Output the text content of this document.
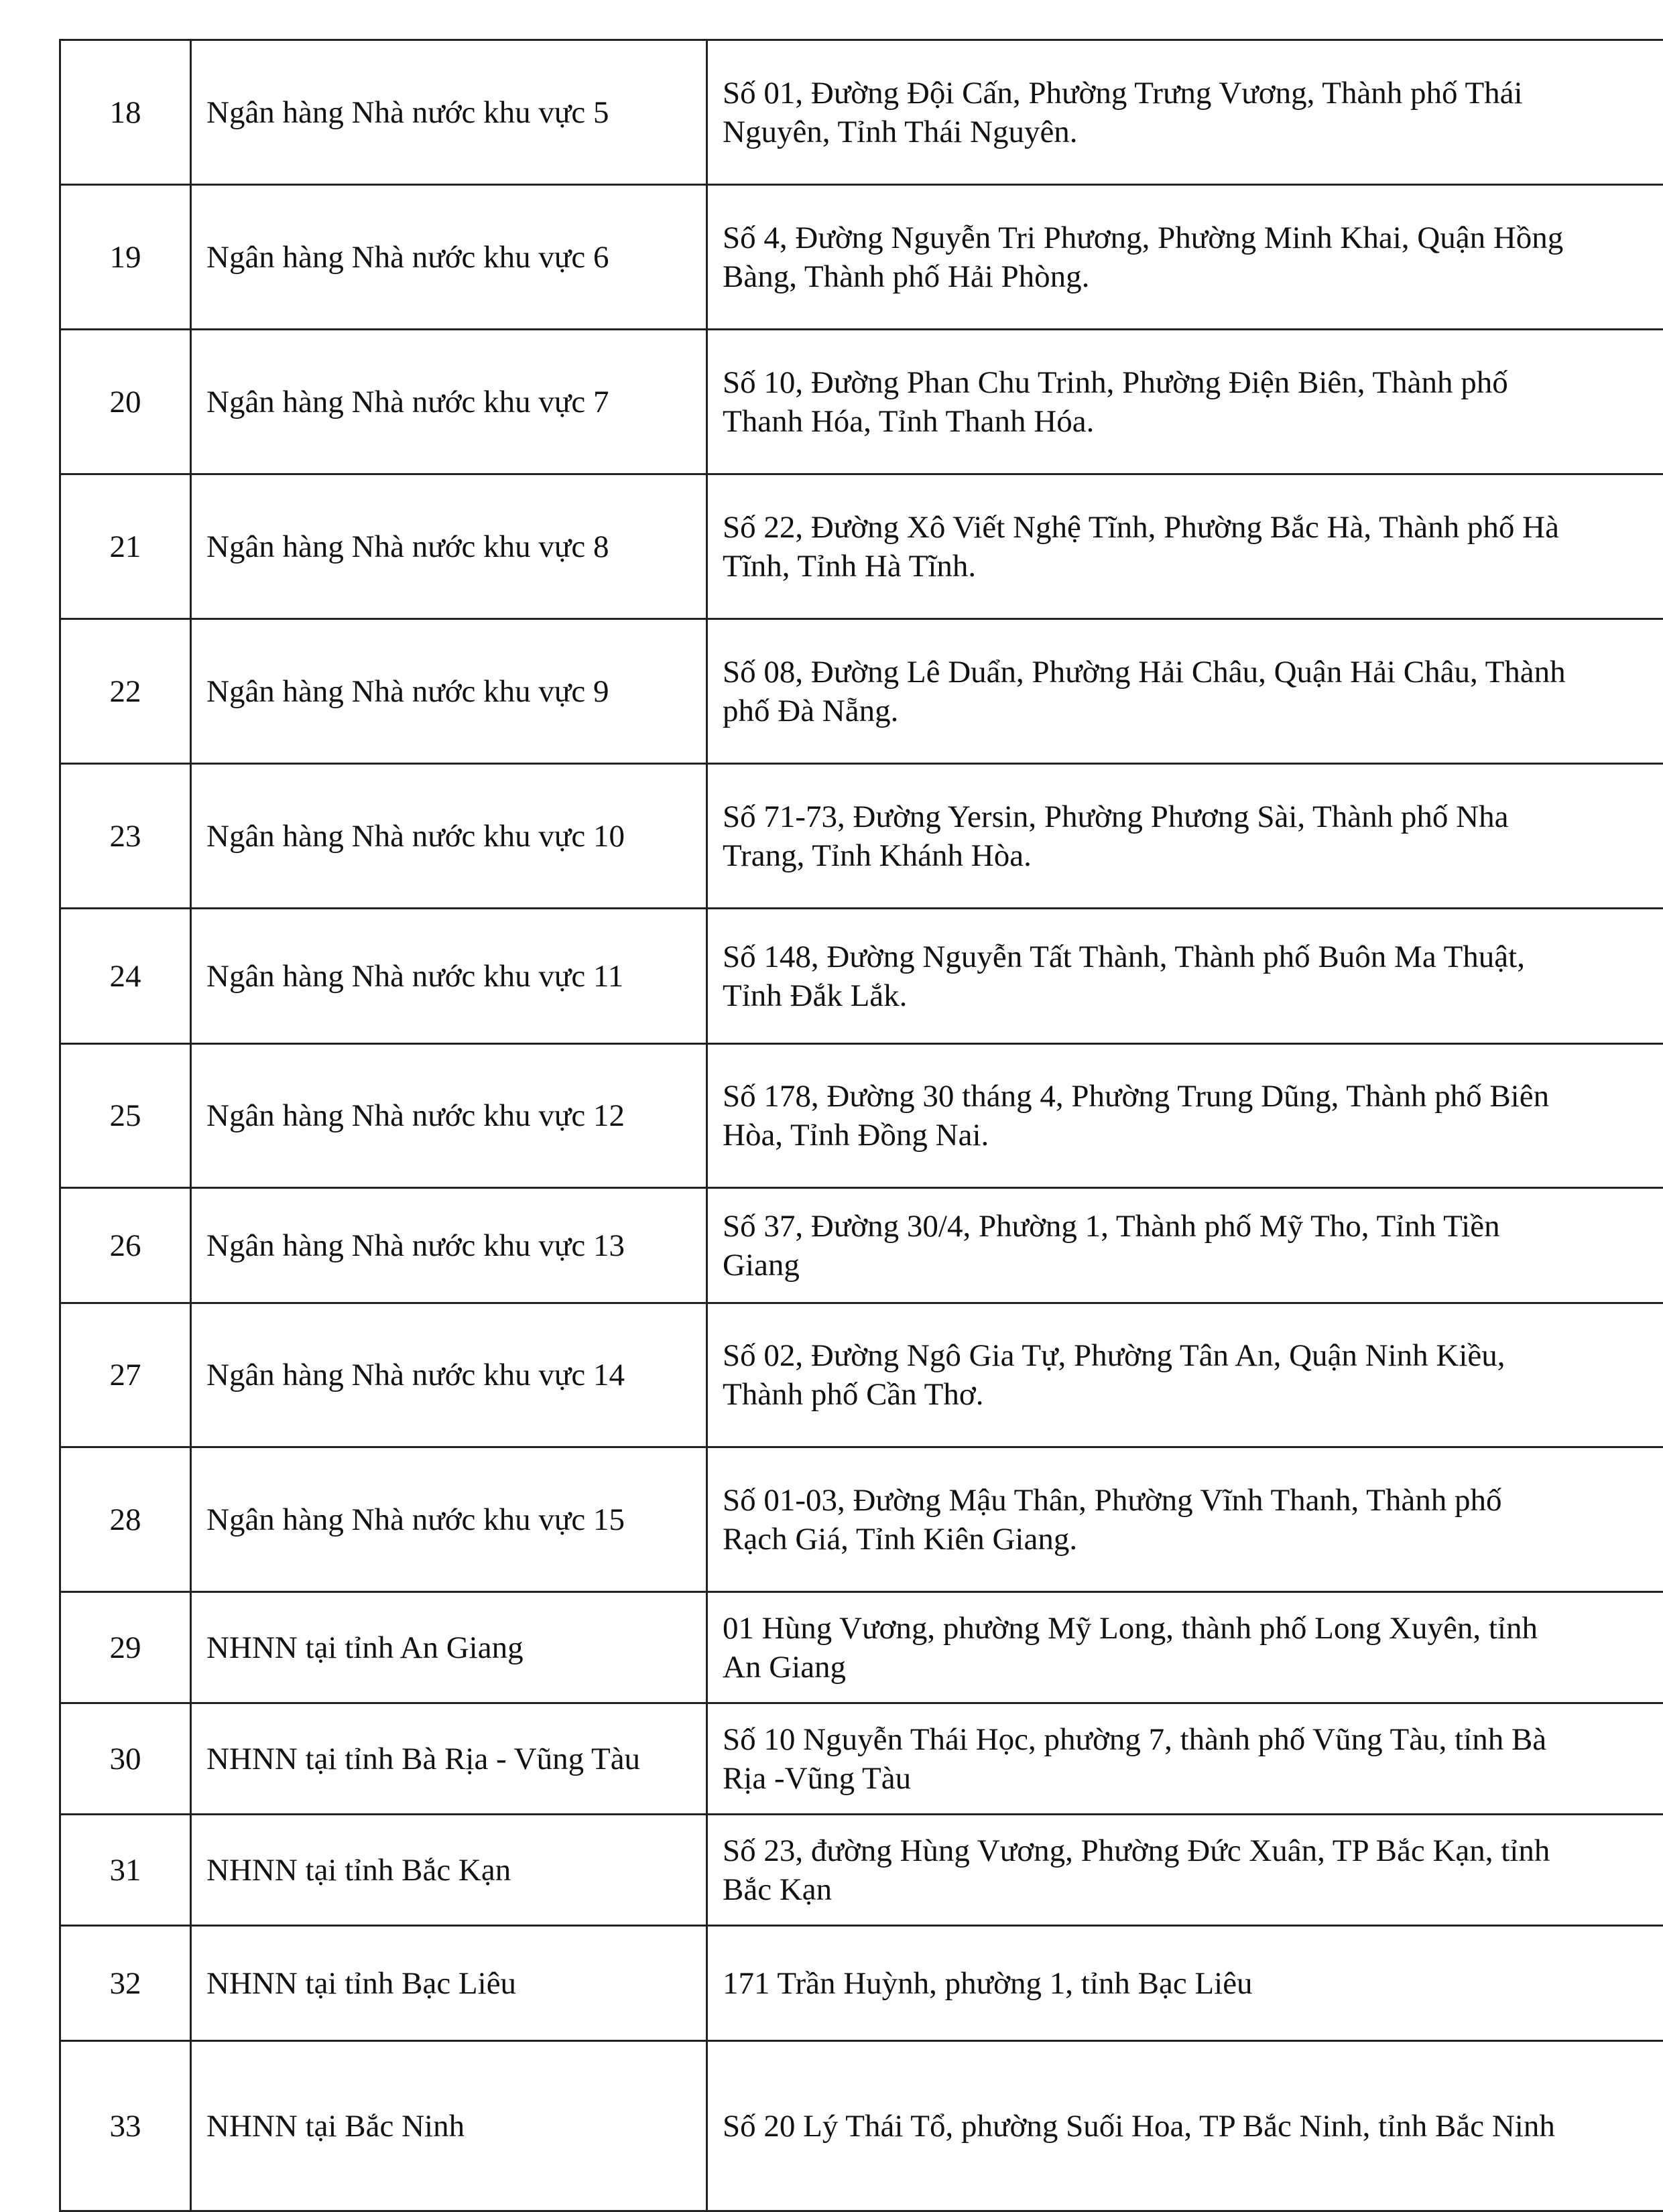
18	Ngân hàng Nhà nước khu vực 5	Số 01, Đường Đội Cấn, Phường Trưng Vương, Thành phố Thái
Nguyên, Tỉnh Thái Nguyên.

19	Ngân hàng Nhà nước khu vực 6	Số 4, Đường Nguyễn Tri Phương, Phường Minh Khai, Quận Hồng
Bàng, Thành phố Hải Phòng.

20	Ngân hàng Nhà nước khu vực 7	Số 10, Đường Phan Chu Trinh, Phường Điện Biên, Thành phố
Thanh Hóa, Tỉnh Thanh Hóa.

21	Ngân hàng Nhà nước khu vực 8	Số 22, Đường Xô Viết Nghệ Tĩnh, Phường Bắc Hà, Thành phố Hà
Tĩnh, Tỉnh Hà Tĩnh.

22	Ngân hàng Nhà nước khu vực 9	Số 08, Đường Lê Duẩn, Phường Hải Châu, Quận Hải Châu, Thành
phố Đà Nẵng.

23	Ngân hàng Nhà nước khu vực 10	Số 71-73, Đường Yersin, Phường Phương Sài, Thành phố Nha
Trang, Tỉnh Khánh Hòa.

24	Ngân hàng Nhà nước khu vực 11	Số 148, Đường Nguyễn Tất Thành, Thành phố Buôn Ma Thuật,
Tỉnh Đắk Lắk.

25	Ngân hàng Nhà nước khu vực 12	Số 178, Đường 30 tháng 4, Phường Trung Dũng, Thành phố Biên
Hòa, Tỉnh Đồng Nai.

26	Ngân hàng Nhà nước khu vực 13	Số 37, Đường 30/4, Phường 1, Thành phố Mỹ Tho, Tỉnh Tiền
Giang

27	Ngân hàng Nhà nước khu vực 14	Số 02, Đường Ngô Gia Tự, Phường Tân An, Quận Ninh Kiều,
Thành phố Cần Thơ.

28	Ngân hàng Nhà nước khu vực 15	Số 01-03, Đường Mậu Thân, Phường Vĩnh Thanh, Thành phố
Rạch Giá, Tỉnh Kiên Giang.

29	NHNN tại tỉnh An Giang	01 Hùng Vương, phường Mỹ Long, thành phố Long Xuyên, tỉnh
An Giang

30	NHNN tại tỉnh Bà Rịa - Vũng Tàu	Số 10 Nguyễn Thái Học, phường 7, thành phố Vũng Tàu, tỉnh Bà
Rịa -Vũng Tàu

31	NHNN tại tỉnh Bắc Kạn	Số 23, đường Hùng Vương, Phường Đức Xuân, TP Bắc Kạn, tỉnh
Bắc Kạn

32	NHNN tại tỉnh Bạc Liêu	171 Trần Huỳnh, phường 1, tỉnh Bạc Liêu

33	NHNN tại Bắc Ninh	Số 20 Lý Thái Tổ, phường Suối Hoa, TP Bắc Ninh, tỉnh Bắc Ninh
